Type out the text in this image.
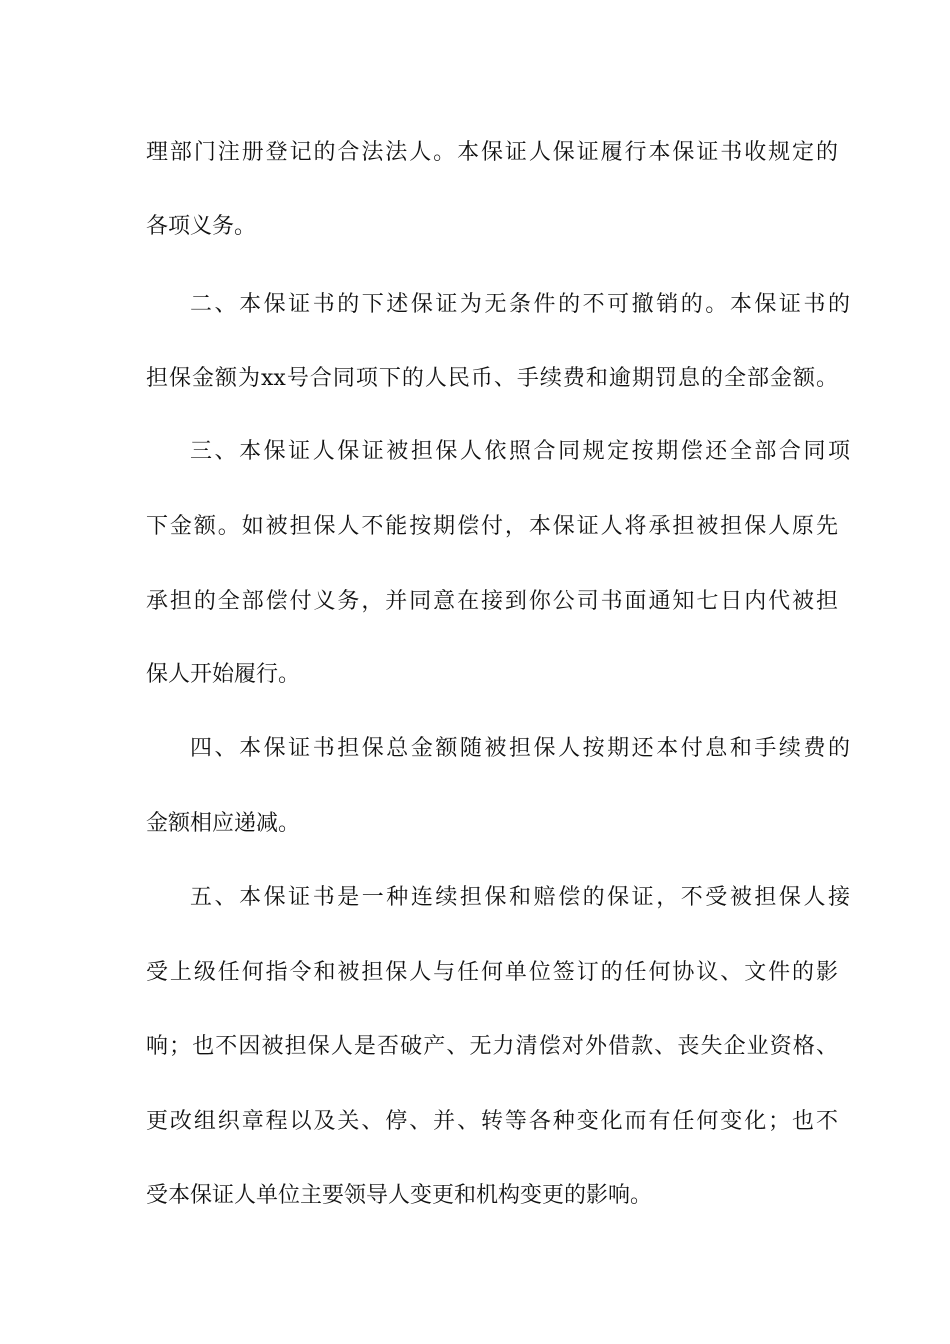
理部门注册登记的合法法人。本保证人保证履行本保证书收规定的

各项义务。

二、本保证书的下述保证为无条件的不可撤销的。本保证书的

担保金额为xx号合同项下的人民币、手续费和逾期罚息的全部金额。

三、本保证人保证被担保人依照合同规定按期偿还全部合同项

下金额。如被担保人不能按期偿付，本保证人将承担被担保人原先

承担的全部偿付义务，并同意在接到你公司书面通知七日内代被担

保人开始履行。

四、本保证书担保总金额随被担保人按期还本付息和手续费的

金额相应递减。

五、本保证书是一种连续担保和赔偿的保证，不受被担保人接

受上级任何指令和被担保人与任何单位签订的任何协议、文件的影

响；也不因被担保人是否破产、无力清偿对外借款、丧失企业资格、

更改组织章程以及关、停、并、转等各种变化而有任何变化；也不

受本保证人单位主要领导人变更和机构变更的影响。
